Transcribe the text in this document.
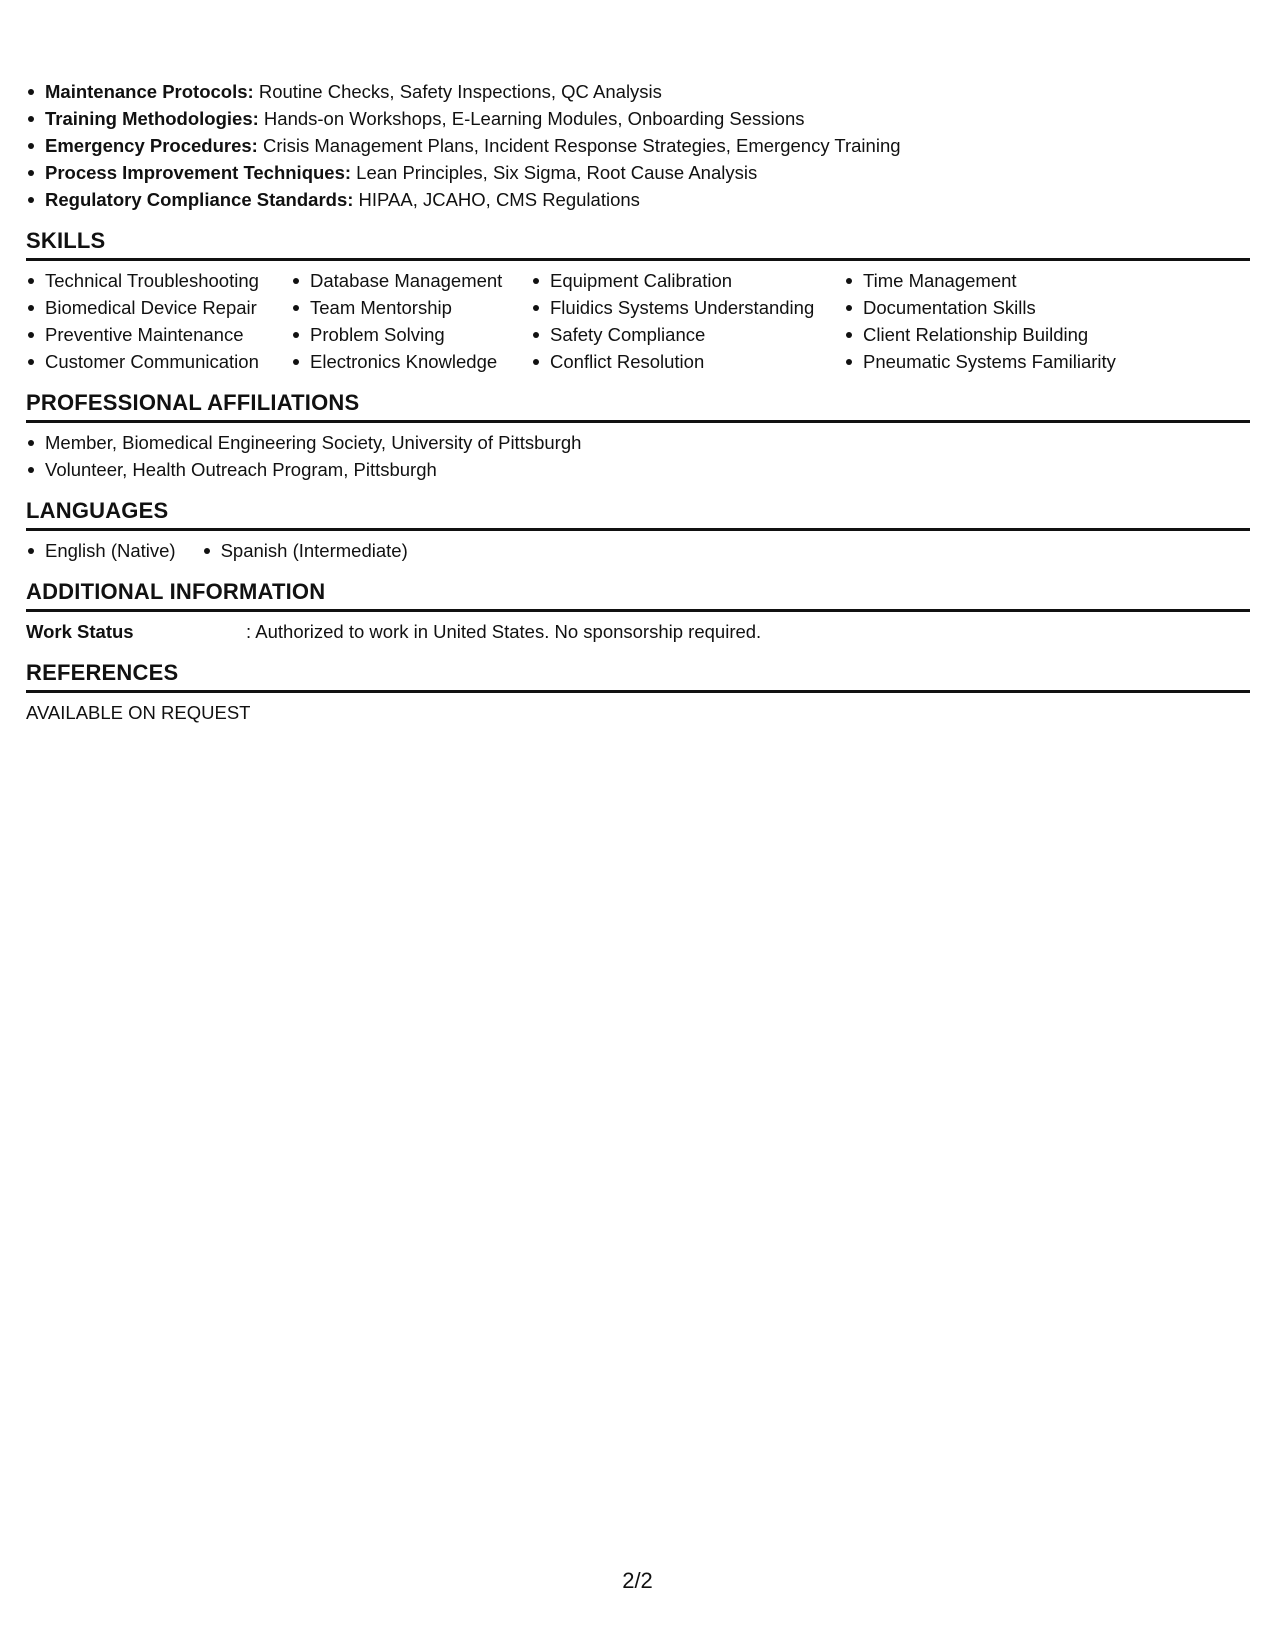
Maintenance Protocols: Routine Checks, Safety Inspections, QC Analysis
Training Methodologies: Hands-on Workshops, E-Learning Modules, Onboarding Sessions
Emergency Procedures: Crisis Management Plans, Incident Response Strategies, Emergency Training
Process Improvement Techniques: Lean Principles, Six Sigma, Root Cause Analysis
Regulatory Compliance Standards: HIPAA, JCAHO, CMS Regulations
SKILLS
Technical Troubleshooting
Biomedical Device Repair
Preventive Maintenance
Customer Communication
Database Management
Team Mentorship
Problem Solving
Electronics Knowledge
Equipment Calibration
Fluidics Systems Understanding
Safety Compliance
Conflict Resolution
Time Management
Documentation Skills
Client Relationship Building
Pneumatic Systems Familiarity
PROFESSIONAL AFFILIATIONS
Member, Biomedical Engineering Society, University of Pittsburgh
Volunteer, Health Outreach Program, Pittsburgh
LANGUAGES
English (Native)	Spanish (Intermediate)
ADDITIONAL INFORMATION
Work Status	: Authorized to work in United States. No sponsorship required.
REFERENCES
AVAILABLE ON REQUEST
2/2
